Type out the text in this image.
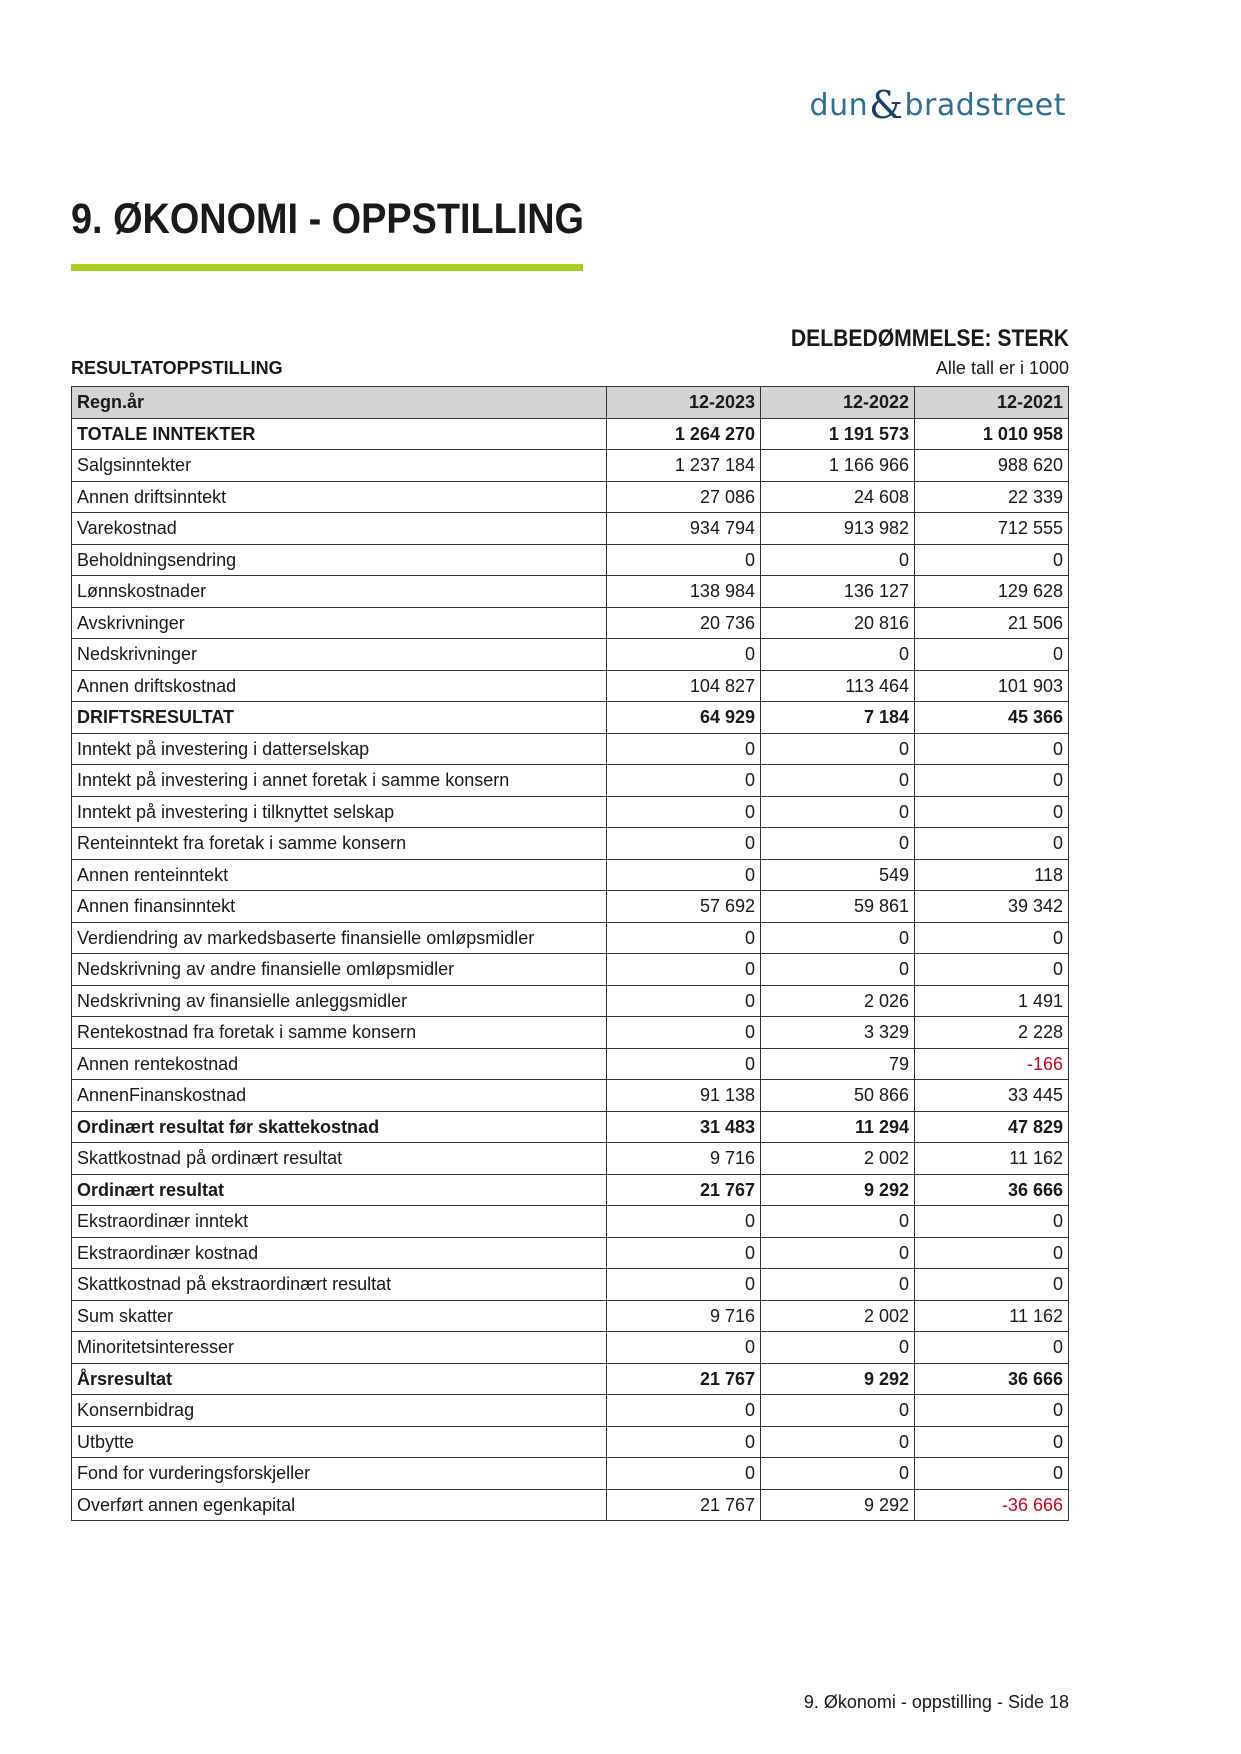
dun&bradstreet
9. ØKONOMI - OPPSTILLING
DELBEDØMMELSE: STERK
RESULTATOPPSTILLING	Alle tall er i 1000
Regn.år	12-2023	12-2022	12-2021
TOTALE INNTEKTER	1 264 270	1 191 573	1 010 958
Salgsinntekter	1 237 184	1 166 966	988 620
Annen driftsinntekt	27 086	24 608	22 339
Varekostnad	934 794	913 982	712 555
Beholdningsendring	0	0	0
Lønnskostnader	138 984	136 127	129 628
Avskrivninger	20 736	20 816	21 506
Nedskrivninger	0	0	0
Annen driftskostnad	104 827	113 464	101 903
DRIFTSRESULTAT	64 929	7 184	45 366
Inntekt på investering i datterselskap	0	0	0
Inntekt på investering i annet foretak i samme konsern	0	0	0
Inntekt på investering i tilknyttet selskap	0	0	0
Renteinntekt fra foretak i samme konsern	0	0	0
Annen renteinntekt	0	549	118
Annen finansinntekt	57 692	59 861	39 342
Verdiendring av markedsbaserte finansielle omløpsmidler	0	0	0
Nedskrivning av andre finansielle omløpsmidler	0	0	0
Nedskrivning av finansielle anleggsmidler	0	2 026	1 491
Rentekostnad fra foretak i samme konsern	0	3 329	2 228
Annen rentekostnad	0	79	-166
AnnenFinanskostnad	91 138	50 866	33 445
Ordinært resultat før skattekostnad	31 483	11 294	47 829
Skattkostnad på ordinært resultat	9 716	2 002	11 162
Ordinært resultat	21 767	9 292	36 666
Ekstraordinær inntekt	0	0	0
Ekstraordinær kostnad	0	0	0
Skattkostnad på ekstraordinært resultat	0	0	0
Sum skatter	9 716	2 002	11 162
Minoritetsinteresser	0	0	0
Årsresultat	21 767	9 292	36 666
Konsernbidrag	0	0	0
Utbytte	0	0	0
Fond for vurderingsforskjeller	0	0	0
Overført annen egenkapital	21 767	9 292	-36 666
9. Økonomi - oppstilling - Side 18
